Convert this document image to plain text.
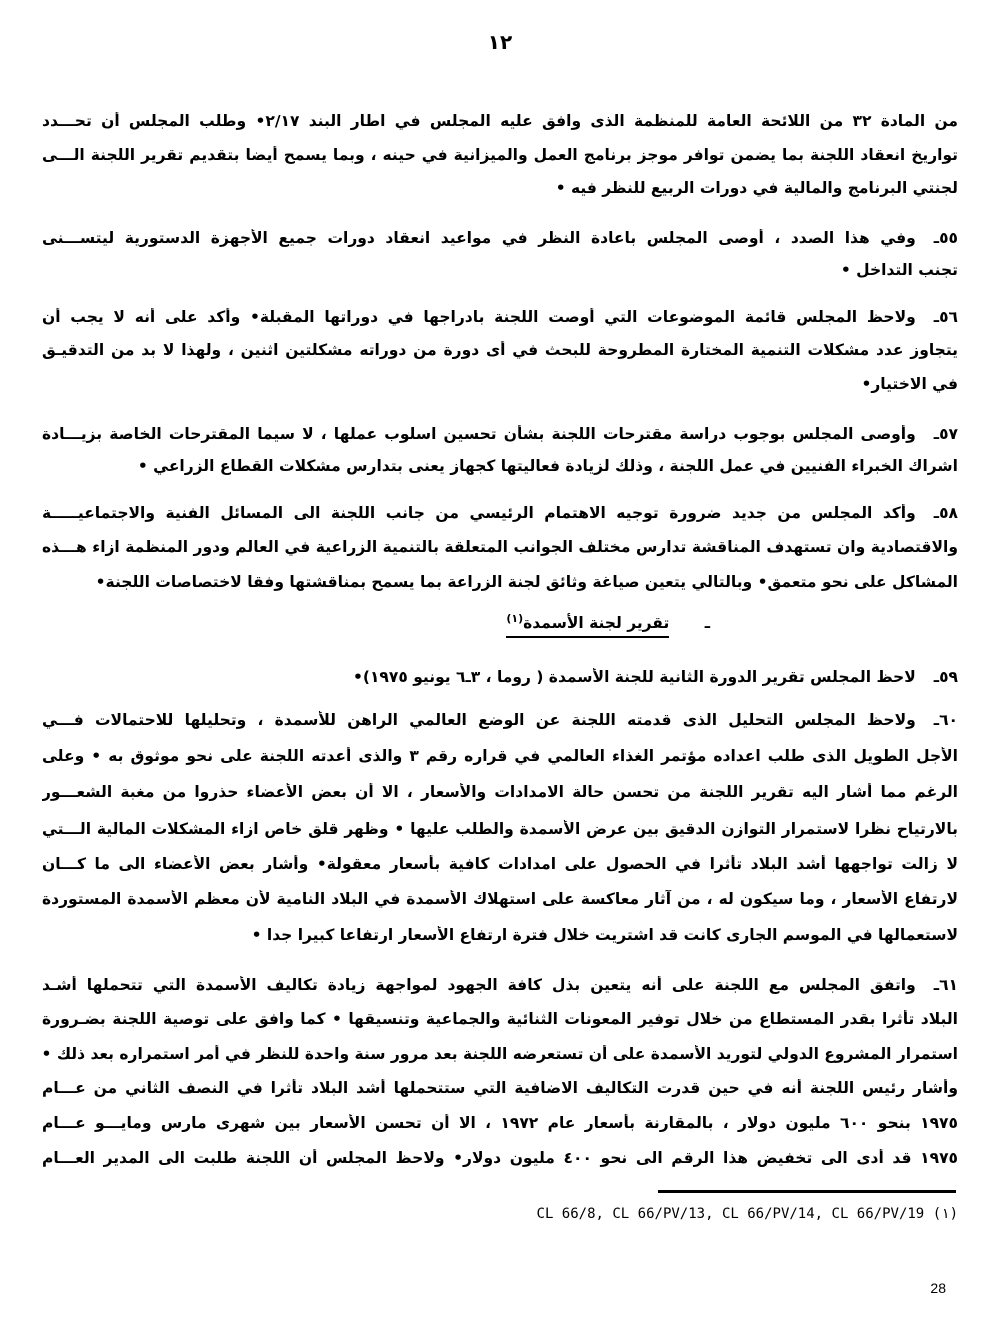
١٢
من المادة ٣٢ من اللائحة العامة للمنظمة الذى وافق عليه المجلس في اطار البند ٢/١٧• وطلب المجلس أن تحـــدد
تواريخ انعقاد اللجنة بما يضمن توافر موجز برنامج العمل والميزانية في حينه ، وبما يسمح أيضا بتقديم تقرير اللجنة الـــى
لجنتي البرنامج والمالية في دورات الربيع للنظر فيه •
٥٥ـ
وفي هذا الصدد ، أوصى المجلس باعادة النظر في مواعيد انعقاد دورات جميع الأجهزة الدستورية ليتســـنى
تجنب التداخل •
٥٦ـ
ولاحظ المجلس قائمة الموضوعات التي أوصت اللجنة بادراجها في دوراتها المقبلة• وأكد على أنه لا يجب أن
يتجاوز عدد مشكلات التنمية المختارة المطروحة للبحث في أى دورة من دوراته مشكلتين اثنين ، ولهذا لا بد من التدقيـق
في الاختيار•
٥٧ـ
وأوصى المجلس بوجوب دراسة مقترحات اللجنة بشأن تحسين اسلوب عملها ، لا سيما المقترحات الخاصة بزيـــادة
اشراك الخبراء الفنيين في عمل اللجنة ، وذلك لزيادة فعاليتها كجهاز يعنى بتدارس مشكلات القطاع الزراعي •
٥٨ـ
وأكد المجلس من جديد ضرورة توجيه الاهتمام الرئيسي من جانب اللجنة الى المسائل الفنية والاجتماعيـــــة
والاقتصادية وان تستهدف المناقشة تدارس مختلف الجوانب المتعلقة بالتنمية الزراعية في العالم ودور المنظمة ازاء هـــذه
المشاكل على نحو متعمق• وبالتالي يتعين صياغة وثائق لجنة الزراعة بما يسمح بمناقشتها وفقا لاختصاصات اللجنة•
٥٩ـ
لاحظ المجلس تقرير الدورة الثانية للجنة الأسمدة ( روما ، ٣ـ٦ يونيو ١٩٧٥)•
٦٠ـ
ولاحظ المجلس التحليل الذى قدمته اللجنة عن الوضع العالمي الراهن للأسمدة ، وتحليلها للاحتمالات فـــي
الأجل الطويل الذى طلب اعداده مؤتمر الغذاء العالمي في قراره رقم ٣ والذى أعدته اللجنة على نحو موثوق به • وعلى
الرغم مما أشار اليه تقرير اللجنة من تحسن حالة الامدادات والأسعار ، الا أن بعض الأعضاء حذروا من مغبة الشعـــور
بالارتياح نظرا لاستمرار التوازن الدقيق بين عرض الأسمدة والطلب عليها • وظهر قلق خاص ازاء المشكلات المالية الـــتي
لا زالت تواجهها أشد البلاد تأثرا في الحصول على امدادات كافية بأسعار معقولة• وأشار بعض الأعضاء الى ما كـــان
لارتفاع الأسعار ، وما سيكون له ، من آثار معاكسة على استهلاك الأسمدة في البلاد النامية لأن معظم الأسمدة المستوردة
لاستعمالها في الموسم الجارى كانت قد اشتريت خلال فترة ارتفاع الأسعار ارتفاعا كبيرا جدا •
٦١ـ
واتفق المجلس مع اللجنة على أنه يتعين بذل كافة الجهود لمواجهة زيادة تكاليف الأسمدة التي تتحملها أشـد
البلاد تأثرا بقدر المستطاع من خلال توفير المعونات الثنائية والجماعية وتنسيقها • كما وافق على توصية اللجنة بضـرورة
استمرار المشروع الدولي لتوريد الأسمدة على أن تستعرضه اللجنة بعد مرور سنة واحدة للنظر في أمر استمراره بعد ذلك •
وأشار رئيس اللجنة أنه في حين قدرت التكاليف الاضافية التي ستتحملها أشد البلاد تأثرا في النصف الثاني من عـــام
١٩٧٥ بنحو ٦٠٠ مليون دولار ، بالمقارنة بأسعار عام ١٩٧٢ ، الا أن تحسن الأسعار بين شهرى مارس ومايـــو عـــام
١٩٧٥ قد أدى الى تخفيض هذا الرقم الى نحو ٤٠٠ مليون دولار• ولاحظ المجلس أن اللجنة طلبت الى المدير العـــام
ـ تقرير لجنة الأسمدة$^{(١)}$
CL 66/8, CL 66/PV/13, CL 66/PV/14, CL 66/PV/19 (١)
28
